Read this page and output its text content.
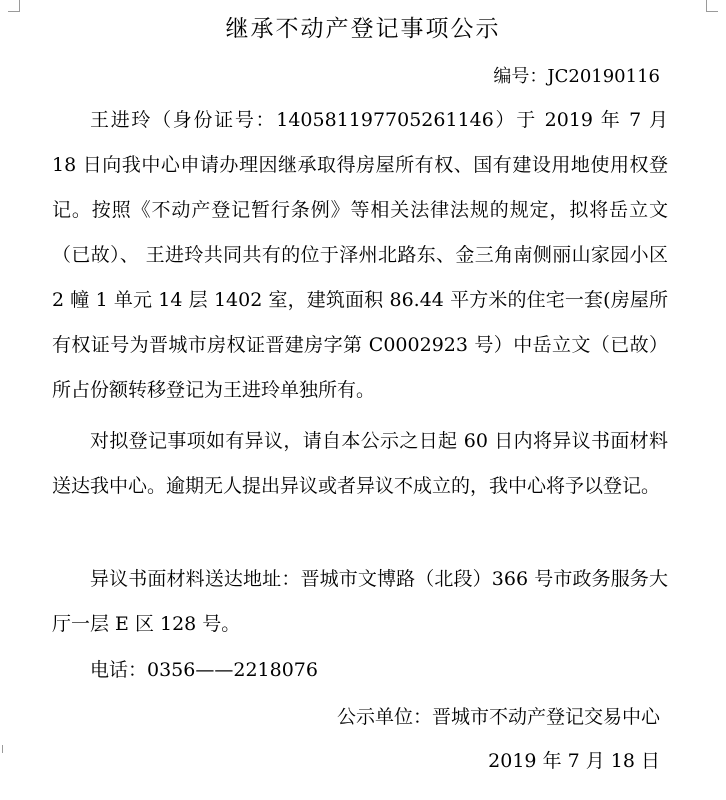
继承不动产登记事项公示
编号：JC20190116
王进玲（身份证号：140581197705261146）于 2019 年 7 月 18 日向我中心申请办理因继承取得房屋所有权、国有建设用地使用权登记。按照《不动产登记暂行条例》等相关法律法规的规定，拟将岳立文（已故）、 王进玲共同共有的位于泽州北路东、金三角南侧丽山家园小区 2 幢 1 单元 14 层 1402 室，建筑面积 86.44 平方米的住宅一套(房屋所有权证号为晋城市房权证晋建房字第 C0002923 号）中岳立文（已故）所占份额转移登记为王进玲单独所有。
对拟登记事项如有异议，请自本公示之日起 60 日内将异议书面材料送达我中心。逾期无人提出异议或者异议不成立的，我中心将予以登记。
异议书面材料送达地址：晋城市文博路（北段）366 号市政务服务大厅一层 E 区 128 号。
电话：0356——2218076
公示单位：晋城市不动产登记交易中心
2019 年 7 月 18 日
